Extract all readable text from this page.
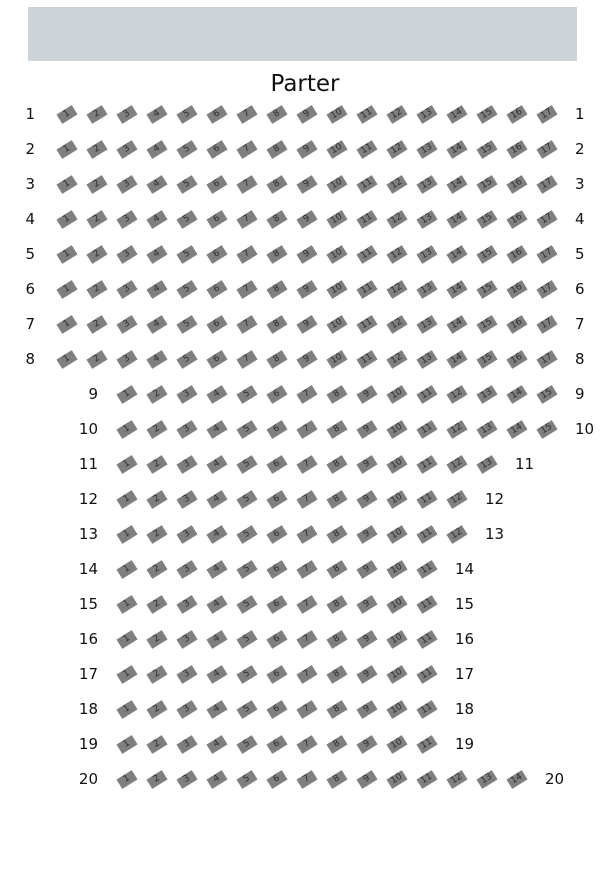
Parter
1	1	2	3	4	5	6	7	8	9	10	11	12	13	14	15	16	17 1
2	1	2	3	4	5	6	7	8	9	10	11	12	13	14	15	16	17 2
3	1	2	3	4	5	6	7	8	9	10	11	12	13	14	15	16	17 3
4	1	2	3	4	5	6	7	8	9	10	11	12	13	14	15	16	17 4
5	1	2	3	4	5	6	7	8	9	10	11	12	13	14	15	16	17 5
6	1	2	3	4	5	6	7	8	9	10	11	12	13	14	15	16	17 6
7	1	2	3	4	5	6	7	8	9	10	11	12	13	14	15	16	17 7
8	1	2	3	4	5	6	7	8	9	10	11	12	13	14	15	16	17 8
9	1	2	3	4	5	6	7	8	9	10	11	12	13	14	15 9
10	1	2	3	4	5	6	7	8	9	10	11	12	13	14	15 10
11	1	2	3	4	5	6	7	8	9	10	11	12	13 11
12	1	2	3	4	5	6	7	8	9	10	11	12 12
13	1	2	3	4	5	6	7	8	9	10	11	12 13
14	1	2	3	4	5	6	7	8	9	10	11 14
15	1	2	3	4	5	6	7	8	9	10	11 15
16	1	2	3	4	5	6	7	8	9	10	11 16
17	1	2	3	4	5	6	7	8	9	10	11 17
18	1	2	3	4	5	6	7	8	9	10	11 18
19	1	2	3	4	5	6	7	8	9	10	11 19
20	1	2	3	4	5	6	7	8	9	10	11	12	13	14 20
